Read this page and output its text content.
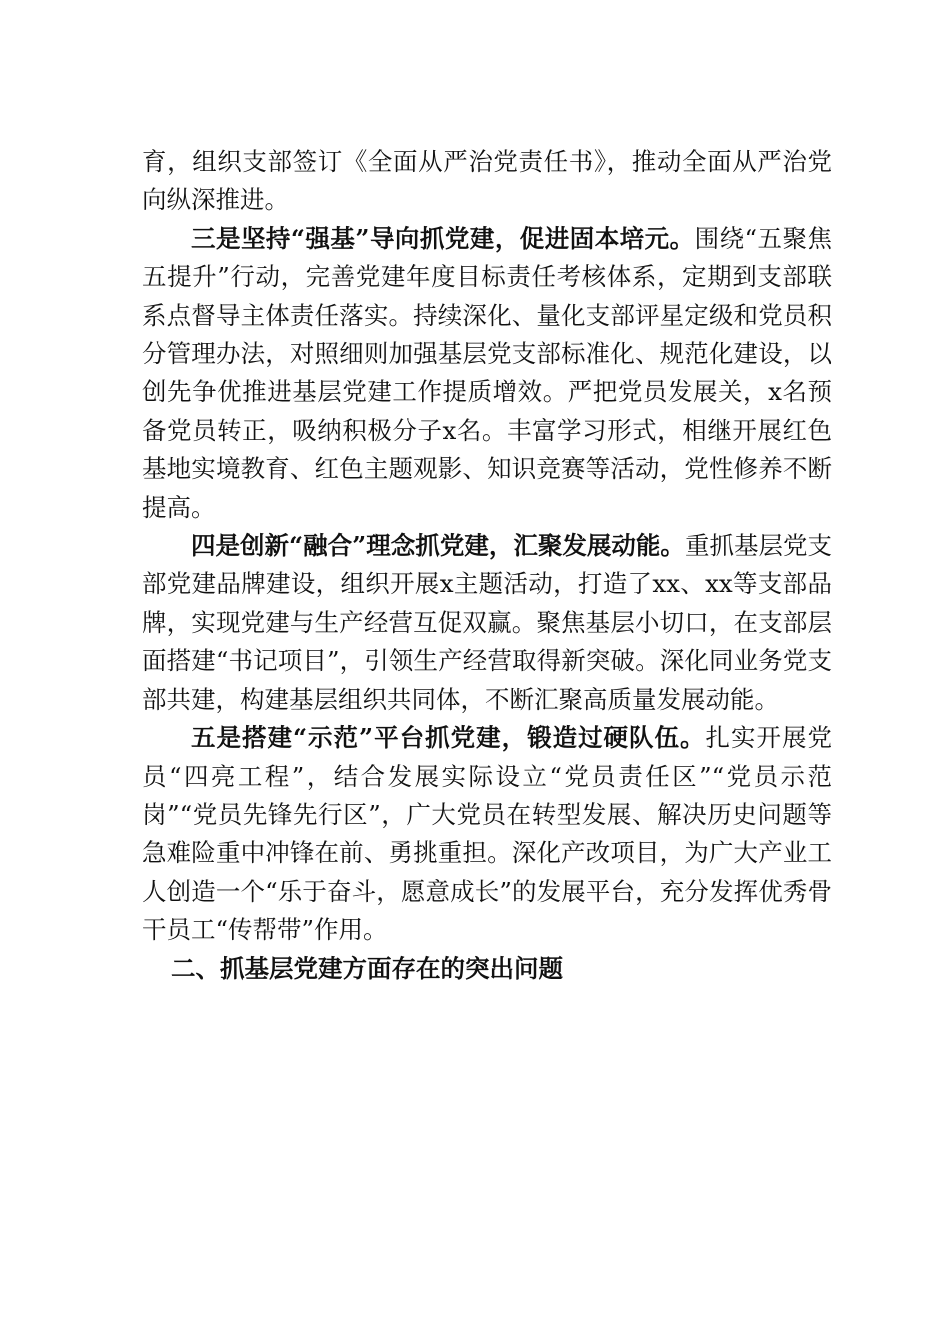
育，组织支部签订《全面从严治党责任书》，推动全面从严治党向纵深推进。

三是坚持“强基”导向抓党建，促进固本培元。围绕“五聚焦五提升”行动，完善党建年度目标责任考核体系，定期到支部联系点督导主体责任落实。持续深化、量化支部评星定级和党员积分管理办法，对照细则加强基层党支部标准化、规范化建设，以创先争优推进基层党建工作提质增效。严把党员发展关，x名预备党员转正，吸纳积极分子x名。丰富学习形式，相继开展红色基地实境教育、红色主题观影、知识竞赛等活动，党性修养不断提高。

四是创新“融合”理念抓党建，汇聚发展动能。重抓基层党支部党建品牌建设，组织开展x主题活动，打造了xx、xx等支部品牌，实现党建与生产经营互促双赢。聚焦基层小切口，在支部层面搭建“书记项目”，引领生产经营取得新突破。深化同业务党支部共建，构建基层组织共同体，不断汇聚高质量发展动能。

五是搭建“示范”平台抓党建，锻造过硬队伍。扎实开展党员“四亮工程”，结合发展实际设立“党员责任区”“党员示范岗”“党员先锋先行区”，广大党员在转型发展、解决历史问题等急难险重中冲锋在前、勇挑重担。深化产改项目，为广大产业工人创造一个“乐于奋斗，愿意成长”的发展平台，充分发挥优秀骨干员工“传帮带”作用。

二、抓基层党建方面存在的突出问题
